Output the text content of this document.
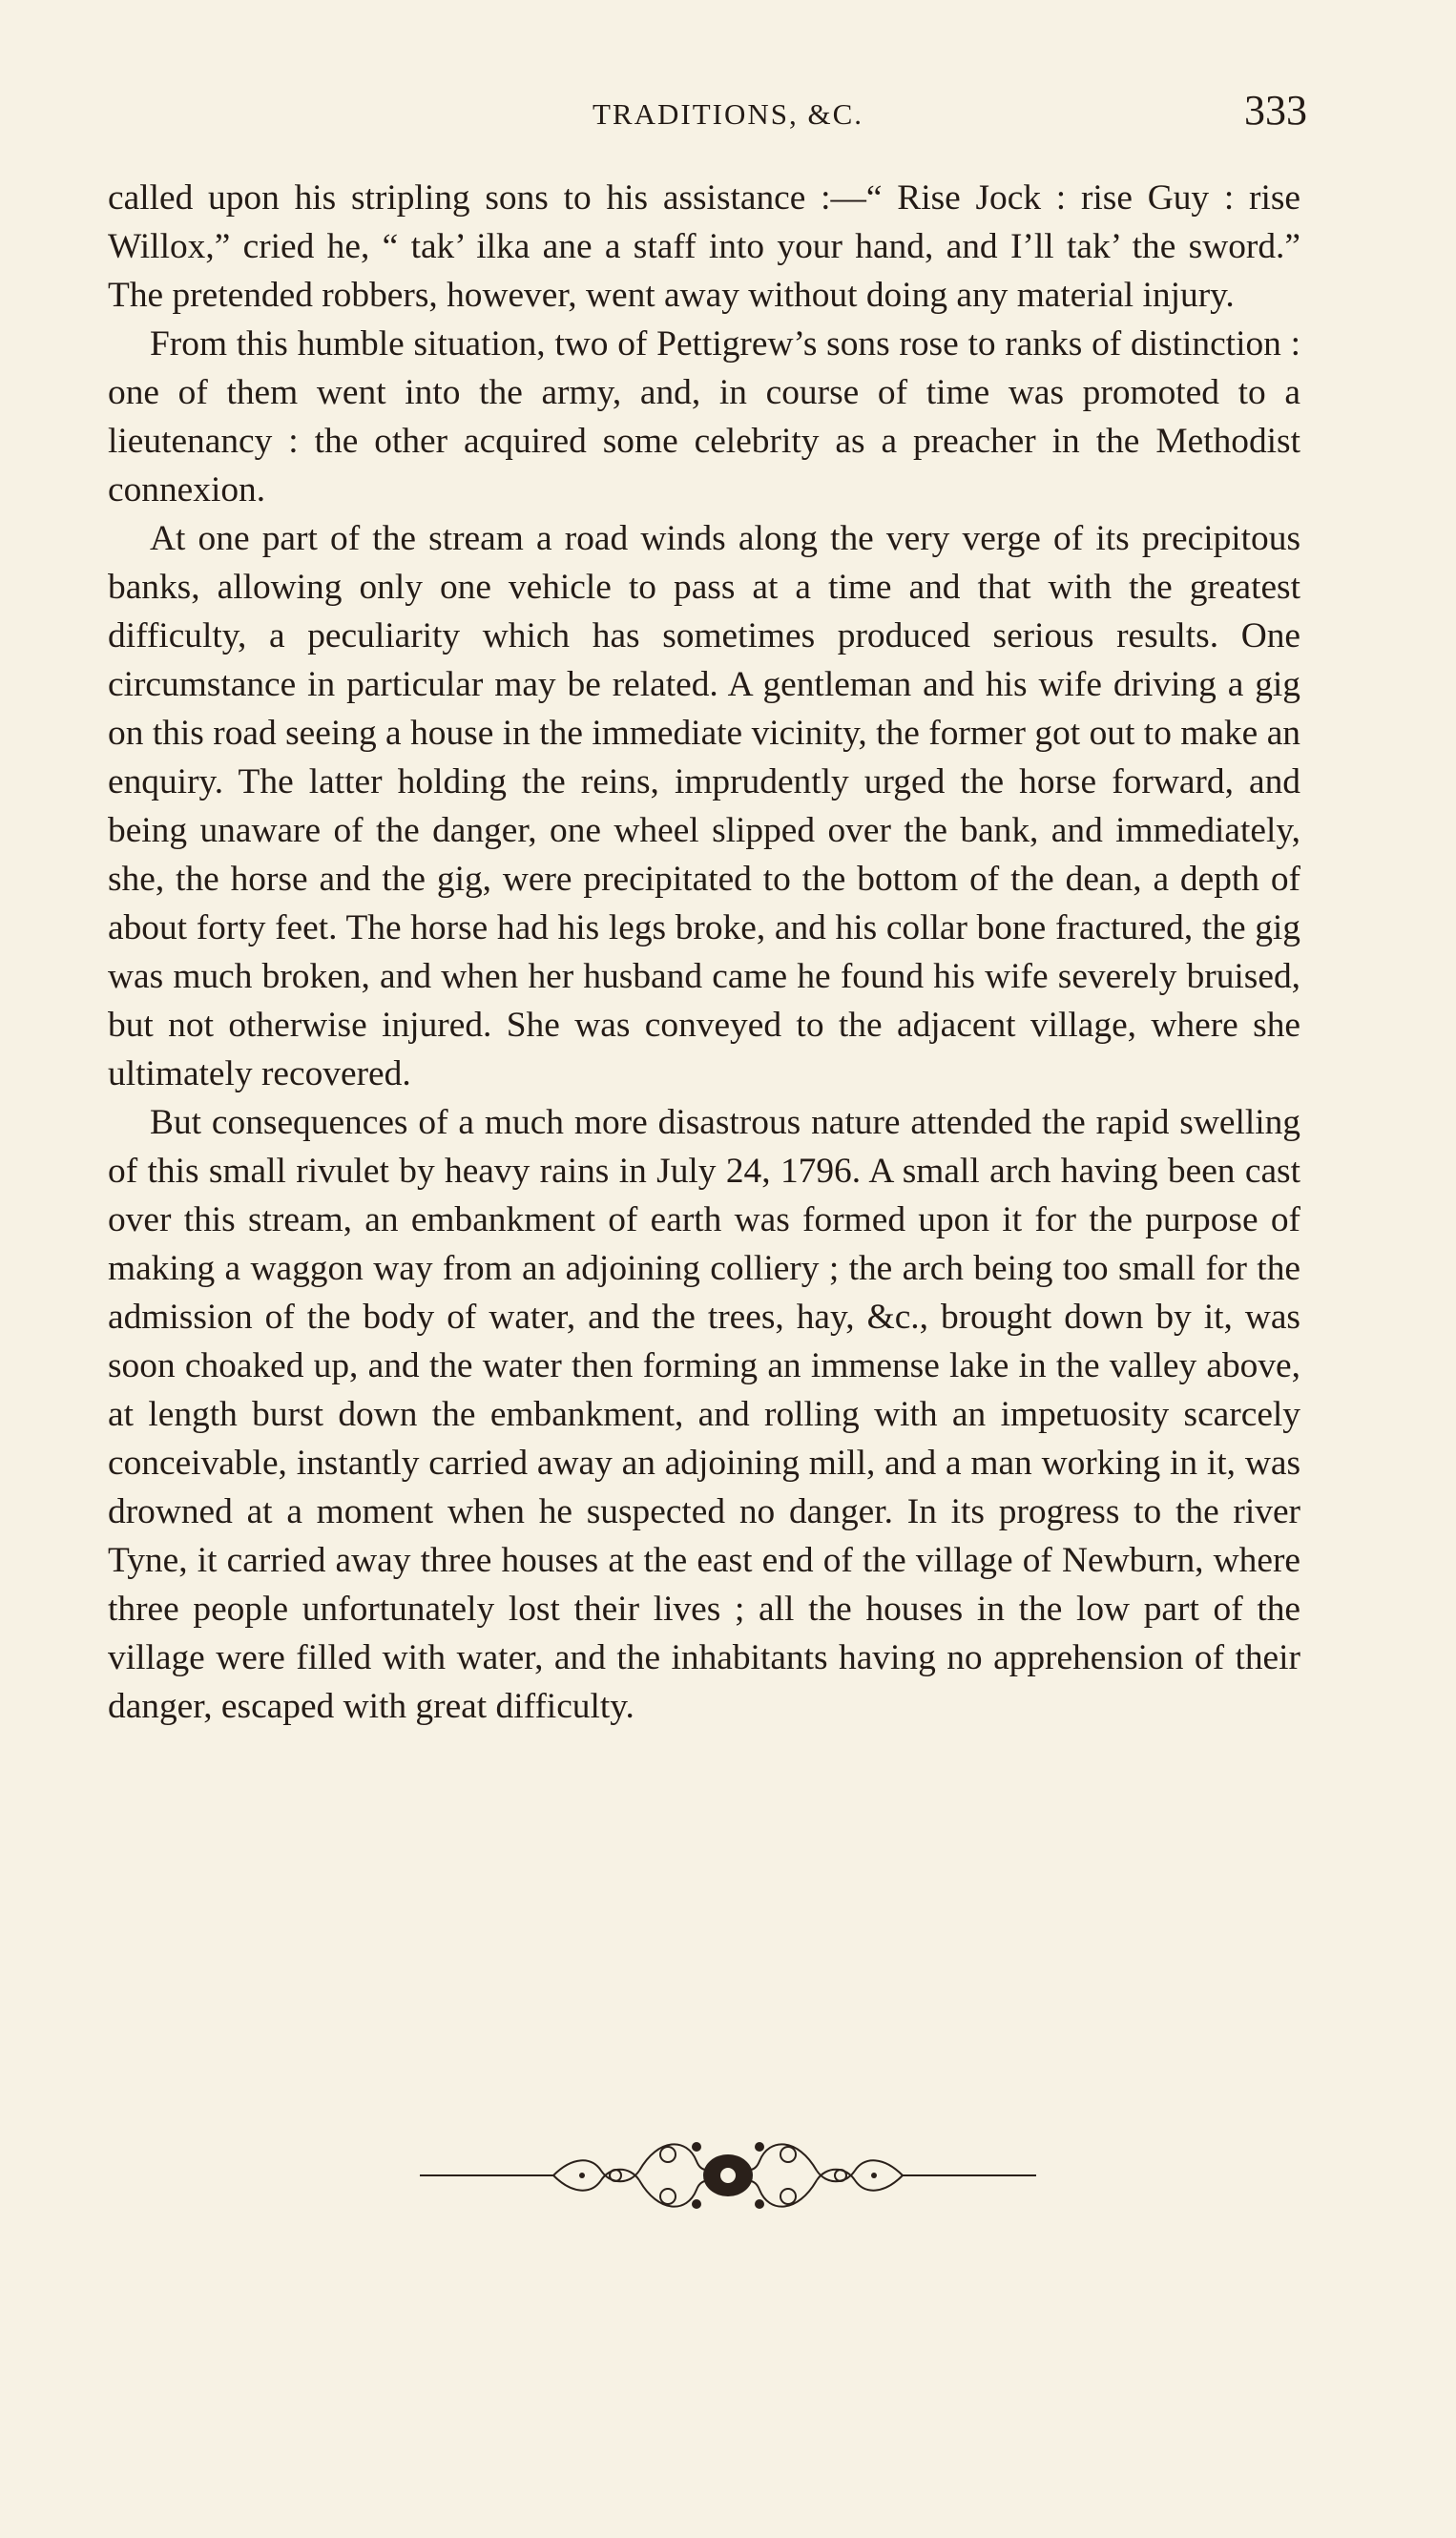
TRADITIONS, &C.	333

called upon his stripling sons to his assistance :—“ Rise Jock : rise Guy : rise Willox,” cried he, “ tak’ ilka ane a staff into your hand, and I’ll tak’ the sword.” The pretended robbers, however, went away without doing any material injury.

From this humble situation, two of Pettigrew’s sons rose to ranks of distinction : one of them went into the army, and, in course of time was promoted to a lieutenancy : the other acquired some celebrity as a preacher in the Methodist connexion.

At one part of the stream a road winds along the very verge of its precipitous banks, allowing only one vehicle to pass at a time and that with the greatest difficulty, a peculiarity which has sometimes produced serious results. One circumstance in particular may be related. A gentleman and his wife driving a gig on this road seeing a house in the immediate vicinity, the former got out to make an enquiry. The latter holding the reins, imprudently urged the horse forward, and being unaware of the danger, one wheel slipped over the bank, and immediately, she, the horse and the gig, were precipitated to the bottom of the dean, a depth of about forty feet. The horse had his legs broke, and his collar bone fractured, the gig was much broken, and when her husband came he found his wife severely bruised, but not otherwise injured. She was conveyed to the adjacent village, where she ultimately recovered.

But consequences of a much more disastrous nature attended the rapid swelling of this small rivulet by heavy rains in July 24, 1796. A small arch having been cast over this stream, an embankment of earth was formed upon it for the purpose of making a waggon way from an adjoining colliery ; the arch being too small for the admission of the body of water, and the trees, hay, &c., brought down by it, was soon choaked up, and the water then forming an immense lake in the valley above, at length burst down the embankment, and rolling with an impetuosity scarcely conceivable, instantly carried away an adjoining mill, and a man working in it, was drowned at a moment when he suspected no danger. In its progress to the river Tyne, it carried away three houses at the east end of the village of Newburn, where three people unfortunately lost their lives ; all the houses in the low part of the village were filled with water, and the inhabitants having no apprehension of their danger, escaped with great difficulty.
